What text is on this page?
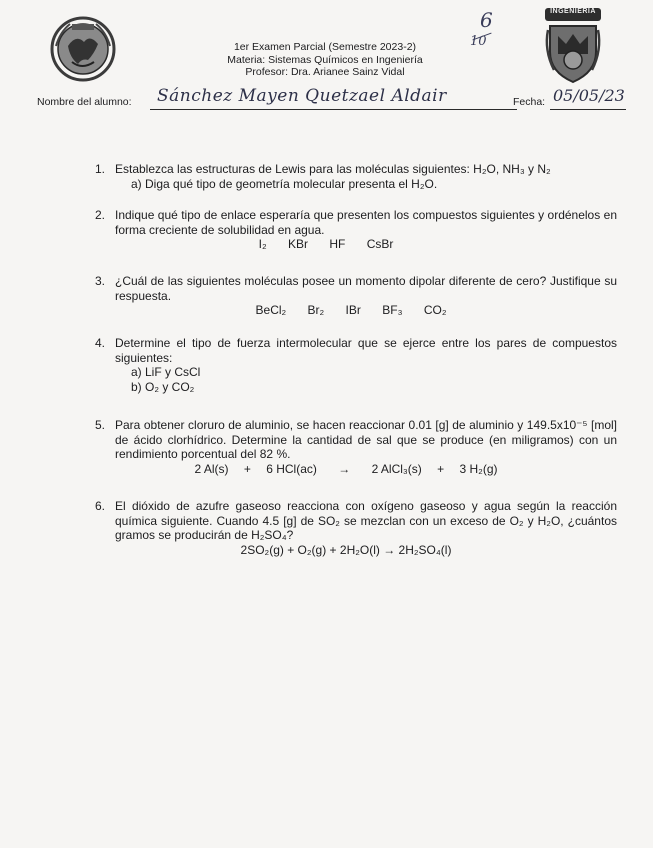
INGENIERÍA
1er Examen Parcial (Semestre 2023-2)
Materia: Sistemas Químicos en Ingeniería
Profesor: Dra. Arianee Sainz Vidal
6
10
Nombre del alumno: Sánchez Mayen Quetzael Aldair	Fecha: 05/05/23
1. Establezca las estructuras de Lewis para las moléculas siguientes: H₂O, NH₃ y N₂

a) Diga qué tipo de geometría molecular presenta el H₂O.
2. Indique qué tipo de enlace esperaría que presenten los compuestos siguientes y ordénelos en forma creciente de solubilidad en agua.

I₂ KBr HF CsBr
3. ¿Cuál de las siguientes moléculas posee un momento dipolar diferente de cero? Justifique su respuesta.

BeCl₂ Br₂ IBr BF₃ CO₂
4. Determine el tipo de fuerza intermolecular que se ejerce entre los pares de compuestos siguientes:

a) LiF y CsCl
b) O₂ y CO₂
5. Para obtener cloruro de aluminio, se hacen reaccionar 0.01 [g] de aluminio y 149.5x10⁻⁵ [mol] de ácido clorhídrico. Determine la cantidad de sal que se produce (en miligramos) con un rendimiento porcentual del 82 %.

2 Al(s) + 6 HCl(ac) → 2 AlCl₃(s) + 3 H₂(g)
6. El dióxido de azufre gaseoso reacciona con oxígeno gaseoso y agua según la reacción química siguiente. Cuando 4.5 [g] de SO₂ se mezclan con un exceso de O₂ y H₂O, ¿cuántos gramos se producirán de H₂SO₄?

2SO₂(g) + O₂(g) + 2H₂O(l) → 2H₂SO₄(l)
